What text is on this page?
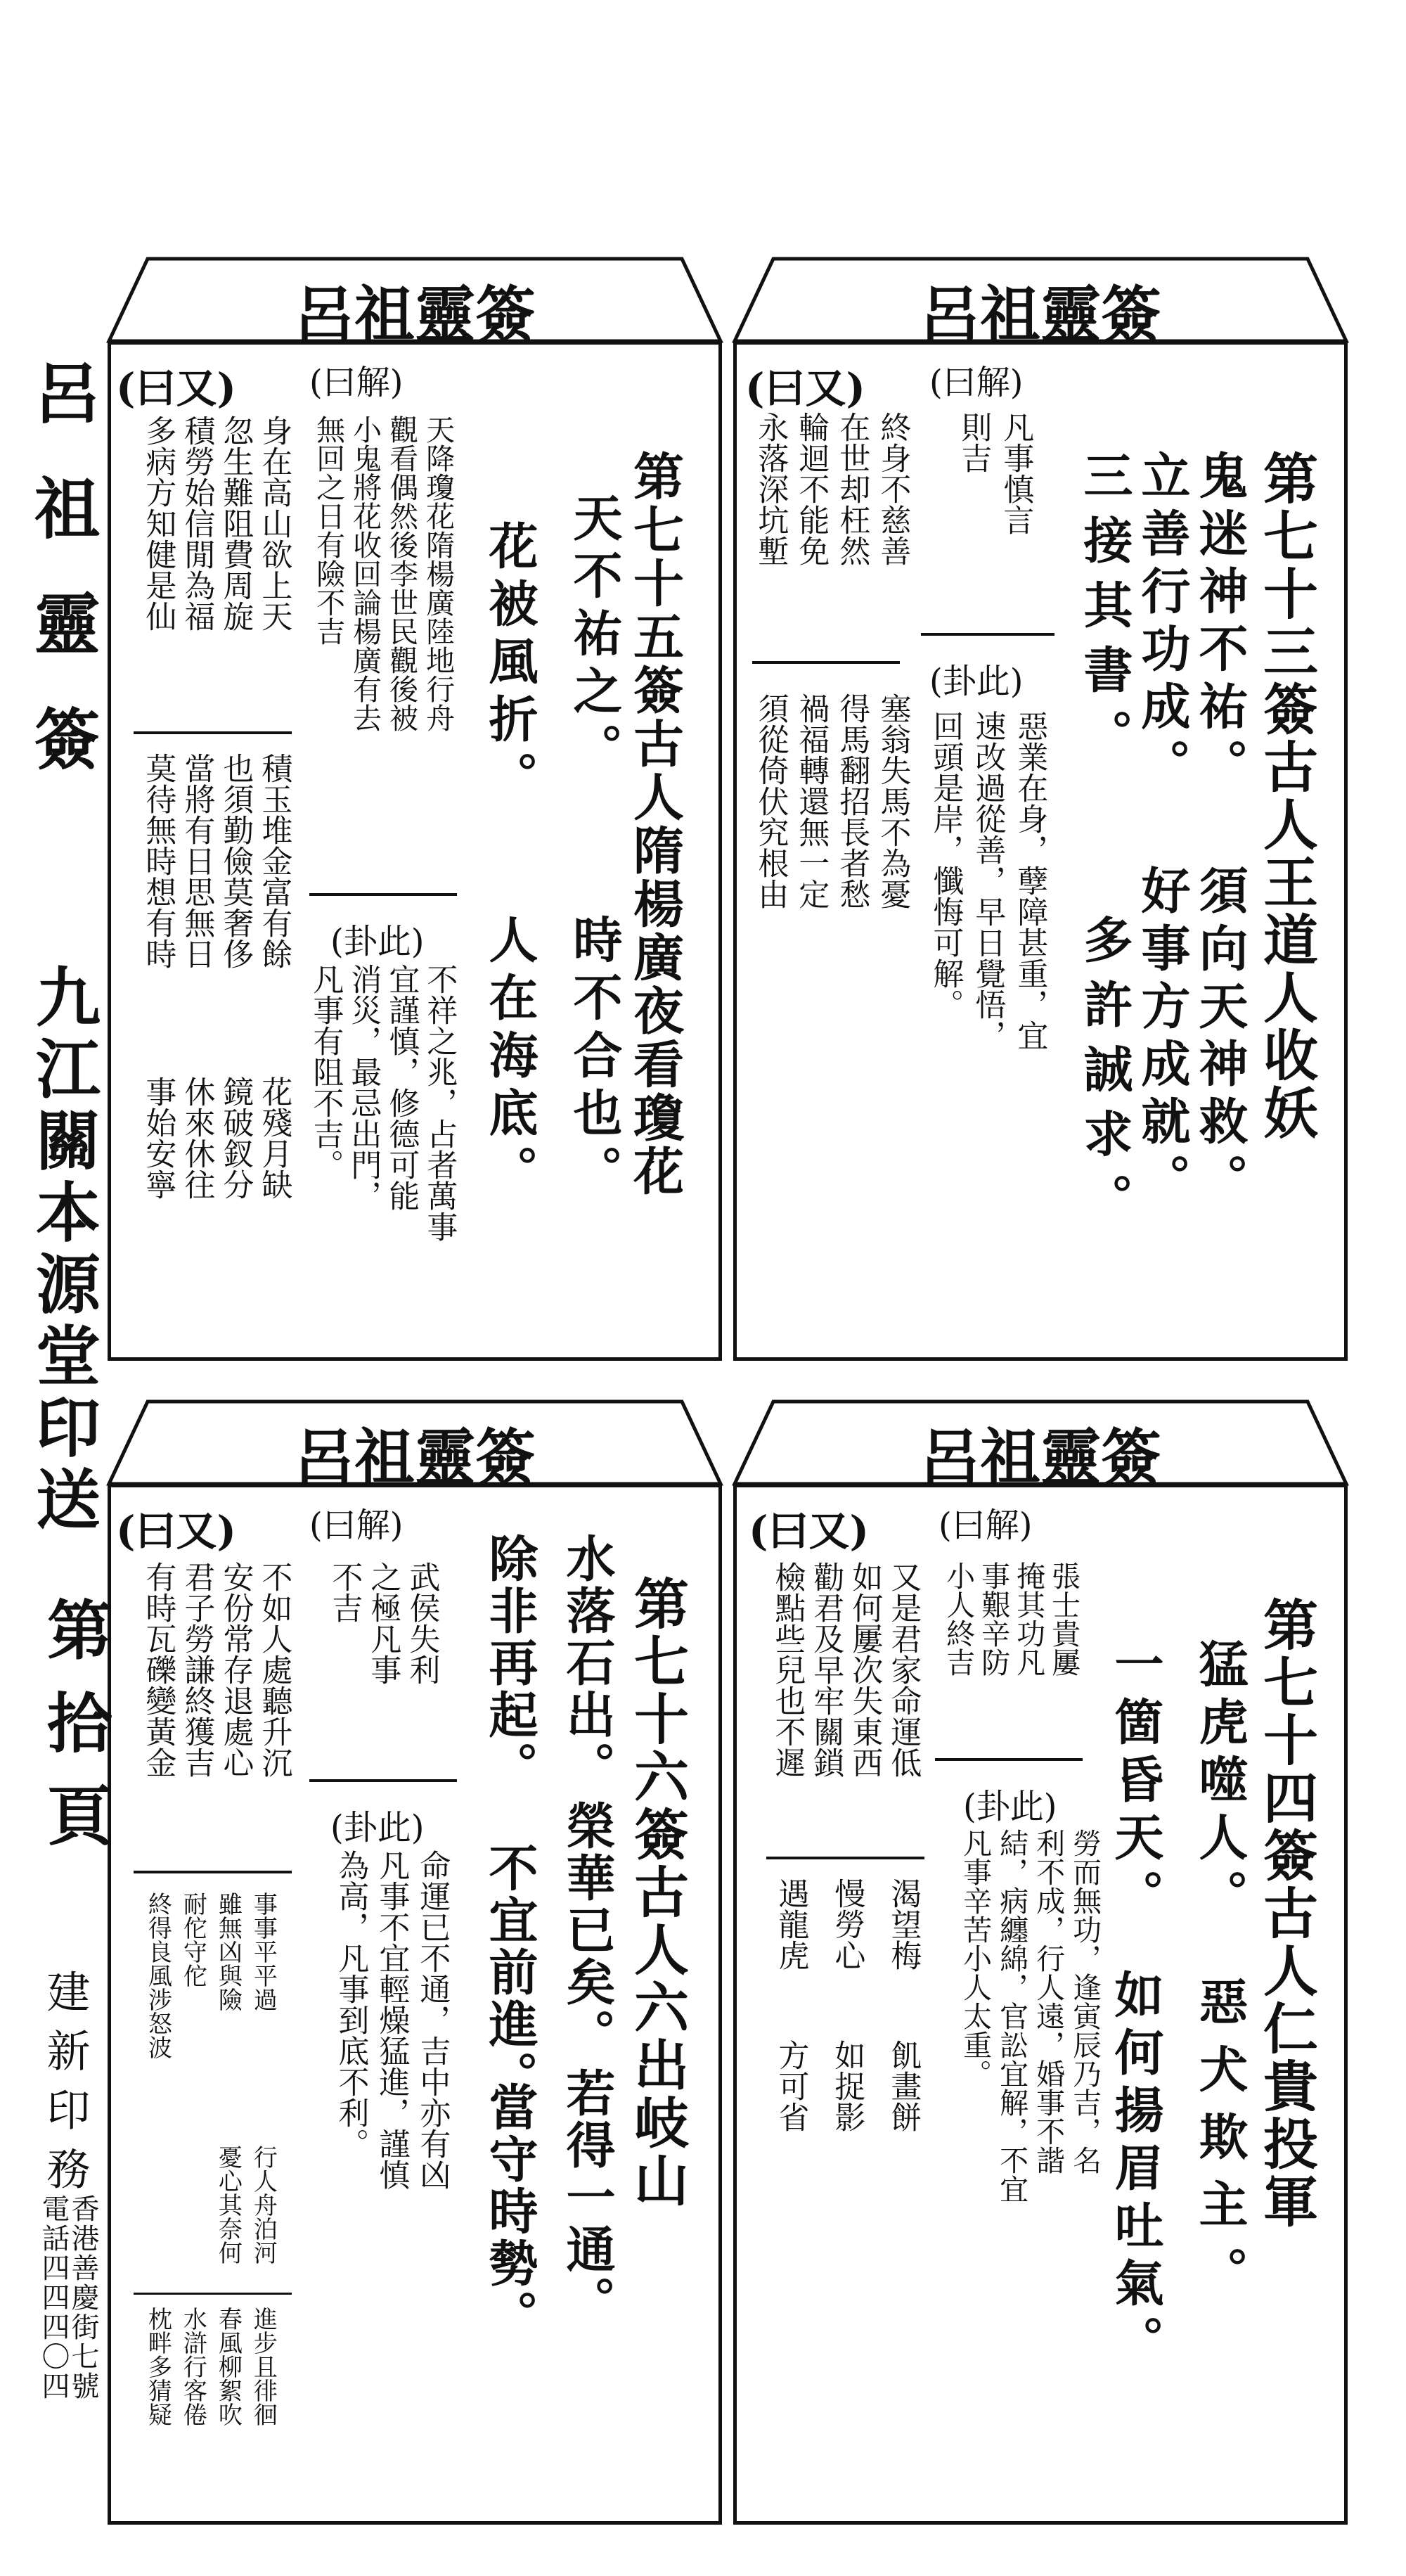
呂祖靈簽
九江關本源堂印送
第拾頁
建新印務
香港善慶街七號
電話四四四〇四
呂祖靈簽
第七十三簽古人王道人收妖
鬼迷神不祐。
立善行功成。
三接其書。
須向天神救。
好事方成就。
多許誠求。
(曰解)
(曰又)
凡事慎言
則吉
(卦此)
惡業在身，孽障甚重，宜
速改過從善，早日覺悟，
回頭是岸，懺悔可解。
終身不慈善
在世却枉然
輪迴不能免
永落深坑塹
塞翁失馬不為憂
得馬翻招長者愁
禍福轉還無一定
須從倚伏究根由
呂祖靈簽
第七十五簽古人隋楊廣夜看瓊花
天不祐之。
時不合也。
花被風折。
人在海底。
(曰解)
(曰又)
天降瓊花隋楊廣陸地行舟
觀看偶然後李世民觀後被
小鬼將花收回論楊廣有去
無回之日有險不吉
(卦此)
不祥之兆，占者萬事
宜謹慎，修德可能
消災，最忌出門，
凡事有阻不吉。
身在高山欲上天
忽生難阻費周旋
積勞始信閒為福
多病方知健是仙
積玉堆金富有餘
也須勤儉莫奢侈
當將有日思無日
莫待無時想有時
花殘月缺
鏡破釵分
休來休往
事始安寧
呂祖靈簽
第七十六簽古人六出岐山
水落石出。
榮華已矣。
若得一通。
除非再起。
不宜前進。
當守時勢。
(曰解)
(曰又)
武侯失利
之極凡事
不吉
(卦此)
命運已不通，吉中亦有凶
凡事不宜輕燥猛進，謹慎
為高，凡事到底不利。
不如人處聽升沉
安份常存退處心
君子勞謙終獲吉
有時瓦礫變黃金
事事平平過
雖無凶與險
耐佗守佗
終得良風涉怒波
行人舟泊河
憂心其奈何
進步且徘徊
春風柳絮吹
水滸行客倦
枕畔多猜疑
呂祖靈簽
第七十四簽古人仁貴投軍
猛虎噬人。
惡犬欺主。
一箇昏天。
如何揚眉吐氣。
(曰解)
(曰又)
張士貴屢
掩其功凡
事艱辛防
小人終吉
(卦此)
勞而無功，逢寅辰乃吉，名
利不成，行人遠，婚事不諧
結，病纏綿，官訟宜解，不宜
凡事辛苦小人太重。
又是君家命運低
如何屢次失東西
勸君及早牢關鎖
檢點些兒也不遲
渴望梅
飢畫餅
慢勞心
如捉影
遇龍虎
方可省
